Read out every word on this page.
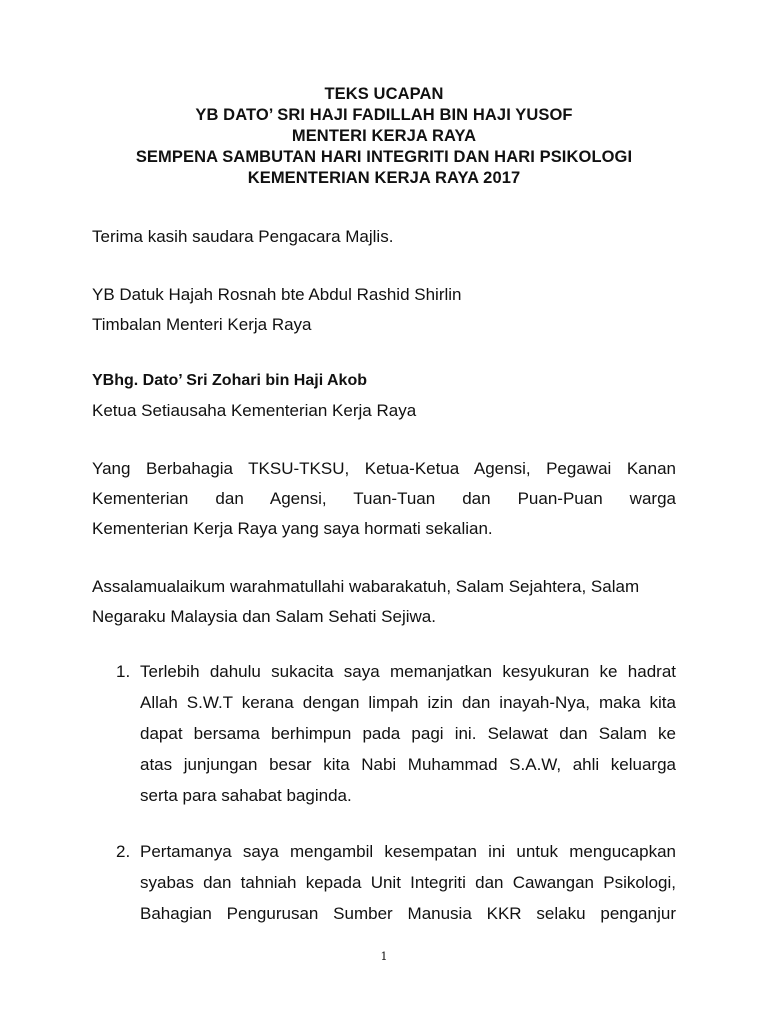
TEKS UCAPAN
YB DATO’ SRI HAJI FADILLAH BIN HAJI YUSOF
MENTERI KERJA RAYA
SEMPENA SAMBUTAN HARI INTEGRITI DAN HARI PSIKOLOGI
KEMENTERIAN KERJA RAYA 2017
Terima kasih saudara Pengacara Majlis.
YB Datuk Hajah Rosnah bte Abdul Rashid Shirlin
Timbalan Menteri Kerja Raya
YBhg. Dato’ Sri Zohari bin Haji Akob
Ketua Setiausaha Kementerian Kerja Raya
Yang Berbahagia TKSU-TKSU, Ketua-Ketua Agensi, Pegawai Kanan
Kementerian dan Agensi, Tuan-Tuan dan Puan-Puan warga
Kementerian Kerja Raya yang saya hormati sekalian.
Assalamualaikum warahmatullahi wabarakatuh, Salam Sejahtera, Salam
Negaraku Malaysia dan Salam Sehati Sejiwa.
1. Terlebih dahulu sukacita saya memanjatkan kesyukuran ke hadrat
Allah S.W.T kerana dengan limpah izin dan inayah-Nya, maka kita
dapat bersama berhimpun pada pagi ini. Selawat dan Salam ke
atas junjungan besar kita Nabi Muhammad S.A.W, ahli keluarga
serta para sahabat baginda.
2. Pertamanya saya mengambil kesempatan ini untuk mengucapkan
syabas dan tahniah kepada Unit Integriti dan Cawangan Psikologi,
Bahagian Pengurusan Sumber Manusia KKR selaku penganjur
1
